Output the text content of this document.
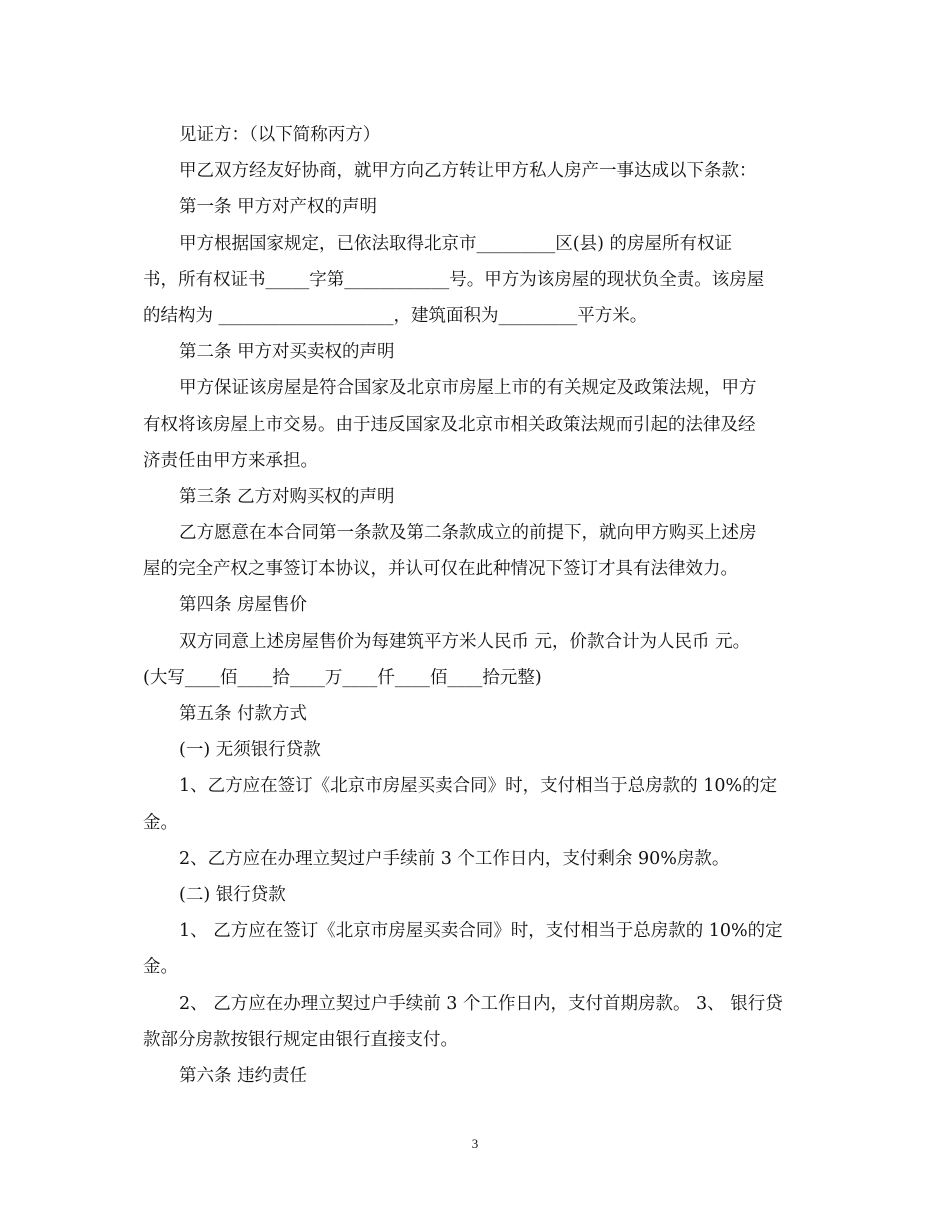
见证方：（以下简称丙方）
甲乙双方经友好协商，就甲方向乙方转让甲方私人房产一事达成以下条款：
第一条 甲方对产权的声明
甲方根据国家规定，已依法取得北京市_________区(县) 的房屋所有权证
书，所有权证书_____字第____________号。甲方为该房屋的现状负全责。该房屋
的结构为 ____________________，建筑面积为_________平方米。
第二条 甲方对买卖权的声明
甲方保证该房屋是符合国家及北京市房屋上市的有关规定及政策法规，甲方
有权将该房屋上市交易。由于违反国家及北京市相关政策法规而引起的法律及经
济责任由甲方来承担。
第三条 乙方对购买权的声明
乙方愿意在本合同第一条款及第二条款成立的前提下，就向甲方购买上述房
屋的完全产权之事签订本协议，并认可仅在此种情况下签订才具有法律效力。
第四条 房屋售价
双方同意上述房屋售价为每建筑平方米人民币 元，价款合计为人民币 元。
(大写____佰____拾____万____仟____佰____拾元整)
第五条 付款方式
(一) 无须银行贷款
1、乙方应在签订《北京市房屋买卖合同》时，支付相当于总房款的 10%的定
金。
2、乙方应在办理立契过户手续前 3 个工作日内，支付剩余 90%房款。
(二) 银行贷款
1、 乙方应在签订《北京市房屋买卖合同》时，支付相当于总房款的 10%的定
金。
2、 乙方应在办理立契过户手续前 3 个工作日内，支付首期房款。 3、 银行贷
款部分房款按银行规定由银行直接支付。
第六条 违约责任
3
